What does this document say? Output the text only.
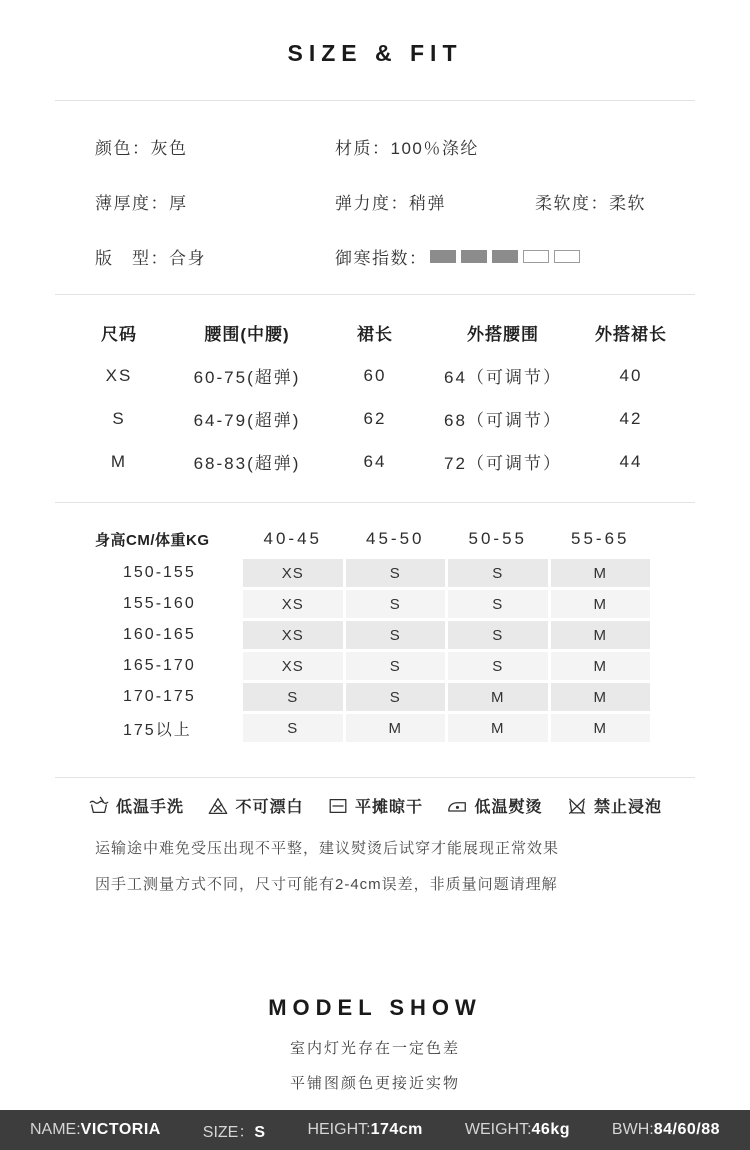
SIZE & FIT
颜色：灰色	材质：100％涤纶
薄厚度：厚	弹力度：稍弹	柔软度：柔软
版　型：合身	御寒指数：
尺码	腰围(中腰)	裙长	外搭腰围	外搭裙长
XS	60-75(超弹)	60	64（可调节）	40
S	64-79(超弹)	62	68（可调节）	42
M	68-83(超弹)	64	72（可调节）	44
身高CM/体重KG	40-45	45-50	50-55	55-65
150-155	XS	S	S	M
155-160	XS	S	S	M
160-165	XS	S	S	M
165-170	XS	S	S	M
170-175	S	S	M	M
175以上	S	M	M	M
低温手洗	不可漂白	平摊晾干	低温熨烫	禁止浸泡

运输途中难免受压出现不平整，建议熨烫后试穿才能展现正常效果

因手工测量方式不同，尺寸可能有2-4cm误差，非质量问题请理解

MODEL SHOW

室内灯光存在一定色差

平铺图颜色更接近实物

NAME:VICTORIA	SIZE：S	HEIGHT:174cm	WEIGHT:46kg	BWH:84/60/88
